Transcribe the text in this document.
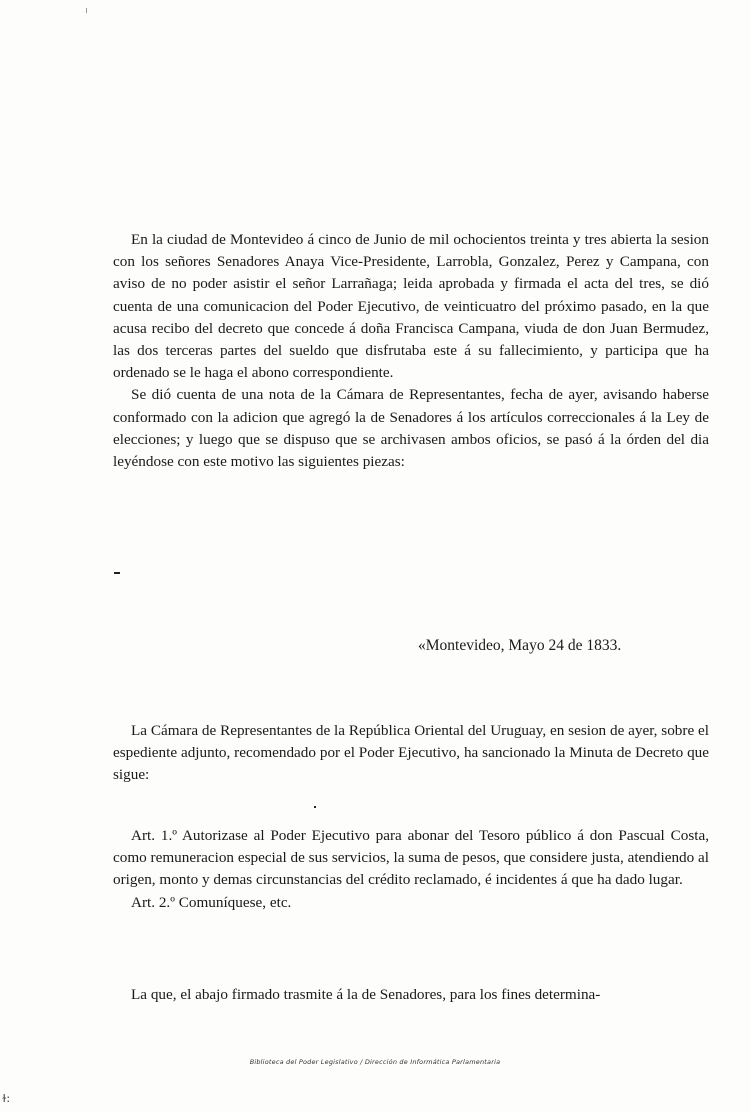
En la ciudad de Montevideo á cinco de Junio de mil ochocientos treinta y tres abierta la sesion con los señores Senadores Anaya Vice-Presidente, Larrobla, Gonzalez, Perez y Campana, con aviso de no poder asistir el señor Larrañaga; leida aprobada y firmada el acta del tres, se dió cuenta de una comunicacion del Poder Ejecutivo, de veinticuatro del próximo pasado, en la que acusa recibo del decreto que concede á doña Francisca Campana, viuda de don Juan Bermudez, las dos terceras partes del sueldo que disfrutaba este á su fallecimiento, y participa que ha ordenado se le haga el abono correspondiente.

Se dió cuenta de una nota de la Cámara de Representantes, fecha de ayer, avisando haberse conformado con la adicion que agregó la de Senadores á los artículos correccionales á la Ley de elecciones; y luego que se dispuso que se archivasen ambos oficios, se pasó á la órden del dia leyéndose con este motivo las siguientes piezas:

«Montevideo, Mayo 24 de 1833.

La Cámara de Representantes de la República Oriental del Uruguay, en sesion de ayer, sobre el espediente adjunto, recomendado por el Poder Ejecutivo, ha sancionado la Minuta de Decreto que sigue:

Art. 1.º Autorizase al Poder Ejecutivo para abonar del Tesoro público á don Pascual Costa, como remuneracion especial de sus servicios, la suma de pesos, que considere justa, atendiendo al origen, monto y demas circunstancias del crédito reclamado, é incidentes á que ha dado lugar.

Art. 2.º Comuníquese, etc.

La que, el abajo firmado trasmite á la de Senadores, para los fines determina-

Biblioteca del Poder Legislativo / Dirección de Informática Parlamentaria
ɫ:
